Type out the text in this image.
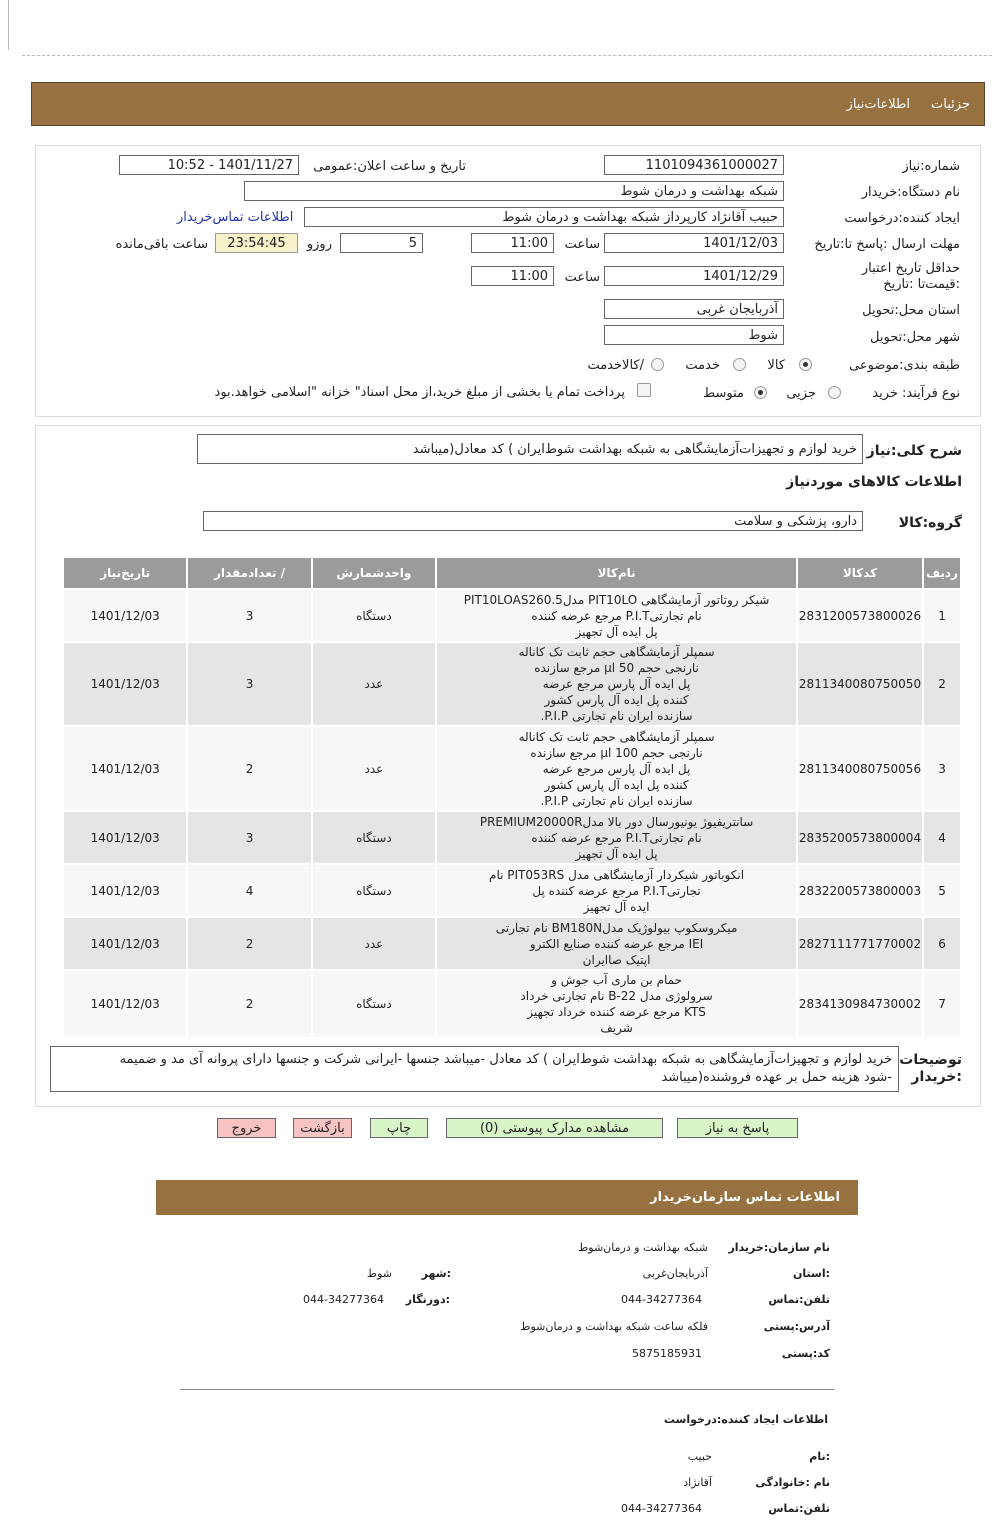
جزئیات
اطلاعات‌نیاز
شماره:نیاز
1101094361000027
تاریخ و ساعت اعلان:عمومی
1401/11/27 - 10:52
نام دستگاه:خریدار
شبکه بهداشت و درمان شوط
ایجاد کننده:درخواست
حبیب آقانژاد کارپرداز شبکه بهداشت و درمان شوط
اطلاعات تماس‌خریدار
مهلت ارسال :پاسخ تا:تاریخ
1401/12/03
ساعت
11:00
5
روزو
23:54:45
ساعت باقی‌مانده
حداقل تاریخ اعتبار :قیمت‌تا :تاریخ
1401/12/29
ساعت
11:00
استان محل:تحویل
آذربایجان غربی
شهر محل:تحویل
شوط
طبقه بندی:موضوعی
کالا
خدمت
/کالاخدمت
نوع فرآیند: خرید
جزیی
متوسط
پرداخت تمام یا بخشی از مبلغ خرید،از محل اسناد" خزانه "اسلامی خواهد.بود
شرح کلی:نیاز
خرید لوازم و تجهیزات‌آزمایشگاهی به شبکه بهداشت شوط‌ایران ) کد معادل(میباشد
اطلاعات کالاهای موردنیاز
گروه:کالا
دارو، پزشکی و سلامت
ردیف	کدکالا	نام‌کالا	واحدشمارش	/ تعدادمقدار	تاریخ‌نیاز
1	2831200573800026	شیکر روتاتور آزمایشگاهی PIT10LO مدلPIT10LOAS260.5
نام تجارتیP.I.T مرجع عرضه کننده
پل ایده آل تجهیز	دستگاه	3	1401/12/03
2	2811340080750050	سمپلر آزمایشگاهی حجم ثابت تک کاناله
نارنجی حجم µl 50 مرجع سازنده
پل ایده آل پارس مرجع عرضه
کننده پل ایده آل پارس کشور
سازنده ایران نام تجارتی P.I.P.	عدد	3	1401/12/03
3	2811340080750056	سمپلر آزمایشگاهی حجم ثابت تک کاناله
نارنجی حجم µl 100 مرجع سازنده
پل ایده آل پارس مرجع عرضه
کننده پل ایده آل پارس کشور
سازنده ایران نام تجارتی P.I.P.	عدد	2	1401/12/03
4	2835200573800004	سانتریفیوژ یونیورسال دور بالا مدلPREMIUM20000R
نام تجارتیP.I.T مرجع عرضه کننده
پل ایده آل تجهیز	دستگاه	3	1401/12/03
5	2832200573800003	انکوباتور شیکردار آزمایشگاهی مدل PIT053RS نام
تجارتیP.I.T مرجع عرضه کننده پل
ایده آل تجهیز	دستگاه	4	1401/12/03
6	2827111771770002	میکروسکوپ بیولوژیک مدلBM180N نام تجارتی
IEI مرجع عرضه کننده صنایع الکترو
اپتیک صاایران	عدد	2	1401/12/03
7	2834130984730002	حمام بن ماری آب جوش و
سرولوژی مدل B-22 نام تجارتی خرداد
KTS مرجع عرضه کننده خرداد تجهیز
شریف	دستگاه	2	1401/12/03
توضیحات :خریدار
خرید لوازم و تجهیزات‌آزمایشگاهی به شبکه بهداشت شوط‌ایران ) کد معادل -میباشد جنسها -ایرانی شرکت و جنسها دارای پروانه آی مد و ضمیمه
-شود هزینه حمل بر عهده فروشنده(میباشد
پاسخ به نیاز
مشاهده مدارک پیوستی (0)
چاپ
بازگشت
خروج
اطلاعات تماس سازمان‌خریدار
نام سازمان:خریدار
شبکه بهداشت و درمان‌شوط
:استان
آذربایجان‌غربی
:شهر
شوط
تلفن:تماس
044-34277364
:دورنگار
044-34277364
آدرس:پستی
فلکه ساعت شبکه بهداشت و درمان‌شوط
کد:پستی
5875185931
اطلاعات ایجاد کننده:درخواست
:نام
حبیب
نام :خانوادگی
آقانژاد
تلفن:تماس
044-34277364
